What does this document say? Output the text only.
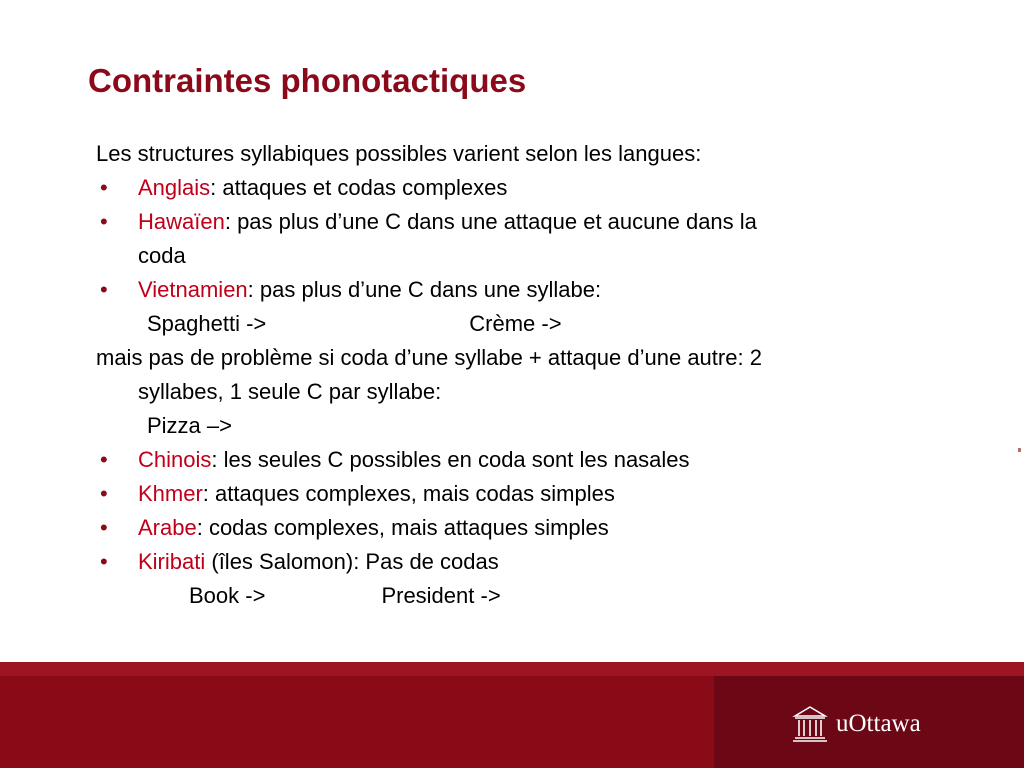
Contraintes phonotactiques
Les structures syllabiques possibles varient selon les langues:
• Anglais: attaques et codas complexes
• Hawaïen: pas plus d’une C dans une attaque et aucune dans la
coda
• Vietnamien: pas plus d’une C dans une syllabe:
Spaghetti ->	Crème ->
mais pas de problème si coda d’une syllabe + attaque d’une autre: 2
syllabes, 1 seule C par syllabe:
Pizza –>
• Chinois: les seules C possibles en coda sont les nasales
• Khmer: attaques complexes, mais codas simples
• Arabe: codas complexes, mais attaques simples
• Kiribati (îles Salomon): Pas de codas
Book ->	President ->
uOttawa
